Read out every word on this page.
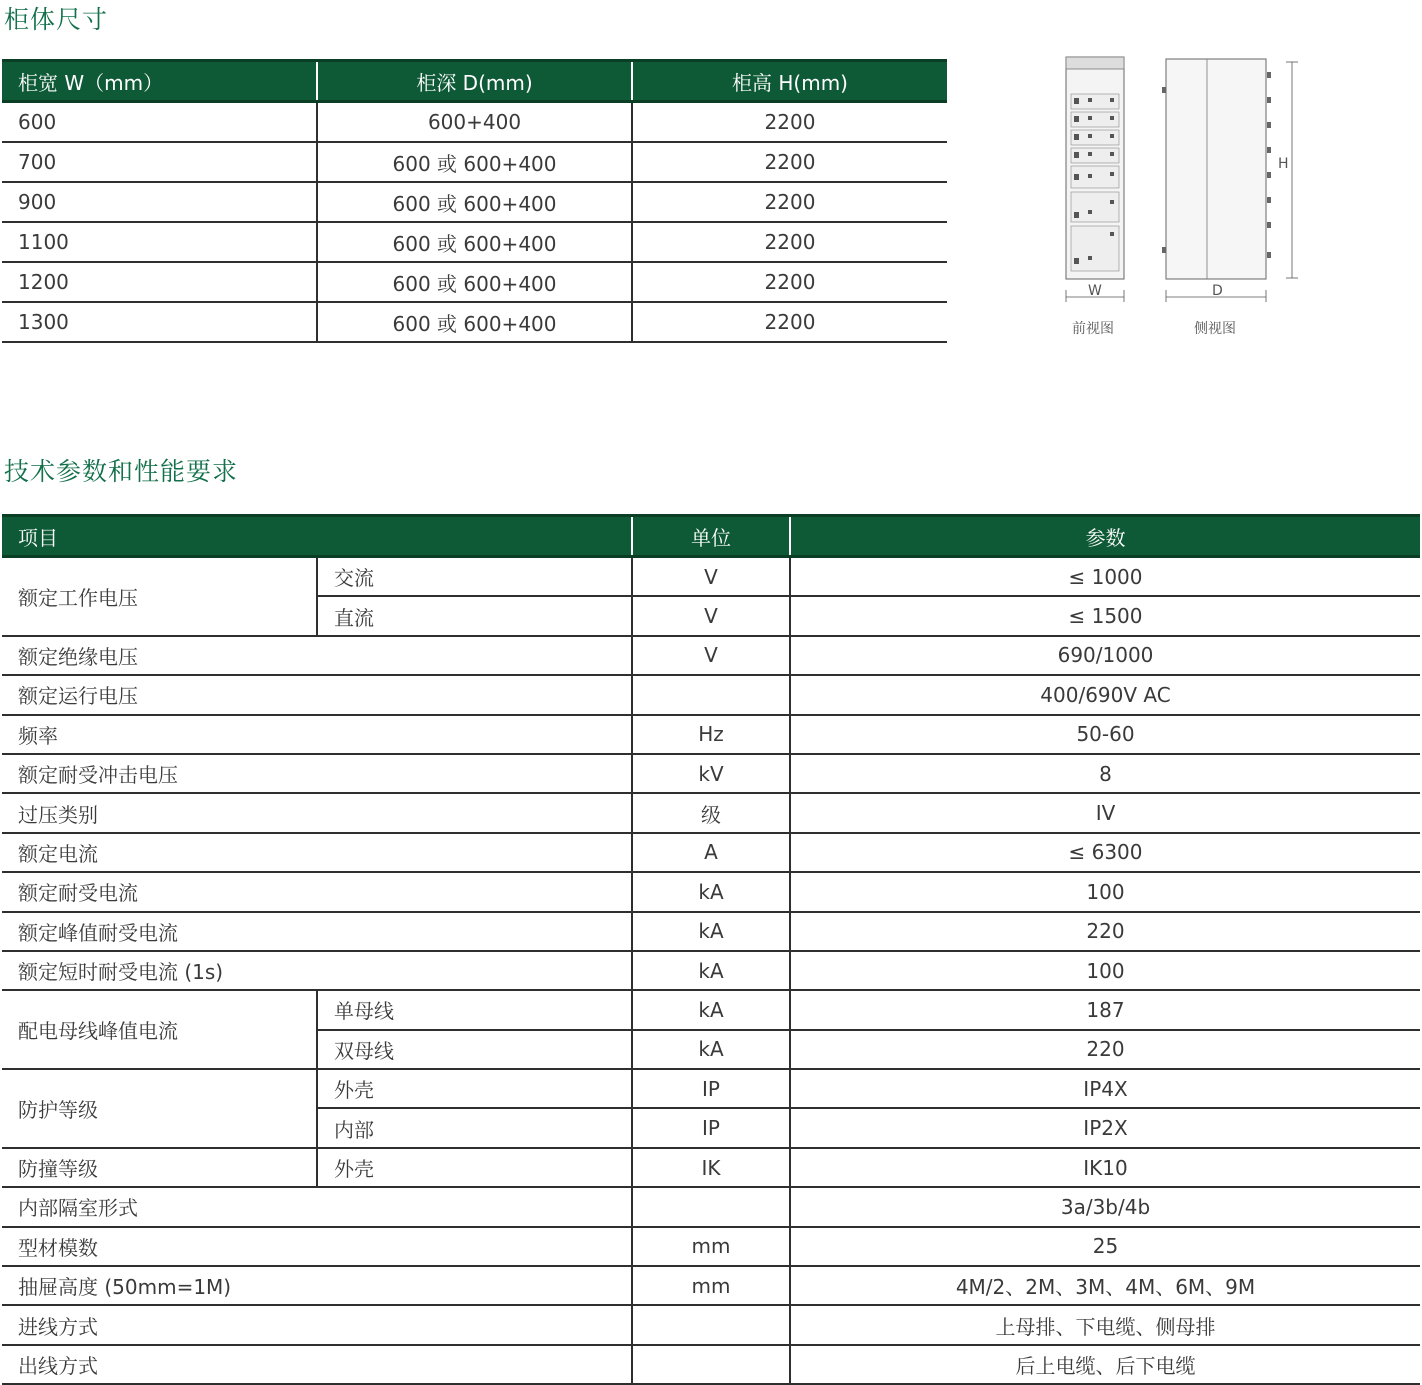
柜体尺寸
柜宽 W（mm）	柜深 D(mm)	柜高 H(mm)
600	600+400	2200
700	600 或 600+400	2200
900	600 或 600+400	2200
1100	600 或 600+400	2200
1200	600 或 600+400	2200
1300	600 或 600+400	2200
W	D
H
前视图	侧视图
技术参数和性能要求
项目		单位	参数
额定工作电压	交流	V	≤ 1000
	直流	V	≤ 1500
额定绝缘电压		V	690/1000
额定运行电压			400/690V AC
频率		Hz	50-60
额定耐受冲击电压		kV	8
过压类别		级	IV
额定电流		A	≤ 6300
额定耐受电流		kA	100
额定峰值耐受电流		kA	220
额定短时耐受电流 (1s)		kA	100
配电母线峰值电流	单母线	kA	187
	双母线	kA	220
防护等级	外壳	IP	IP4X
	内部	IP	IP2X
防撞等级	外壳	IK	IK10
内部隔室形式			3a/3b/4b
型材模数		mm	25
抽屉高度 (50mm=1M)		mm	4M/2、2M、3M、4M、6M、9M
进线方式			上母排、下电缆、侧母排
出线方式			后上电缆、后下电缆
